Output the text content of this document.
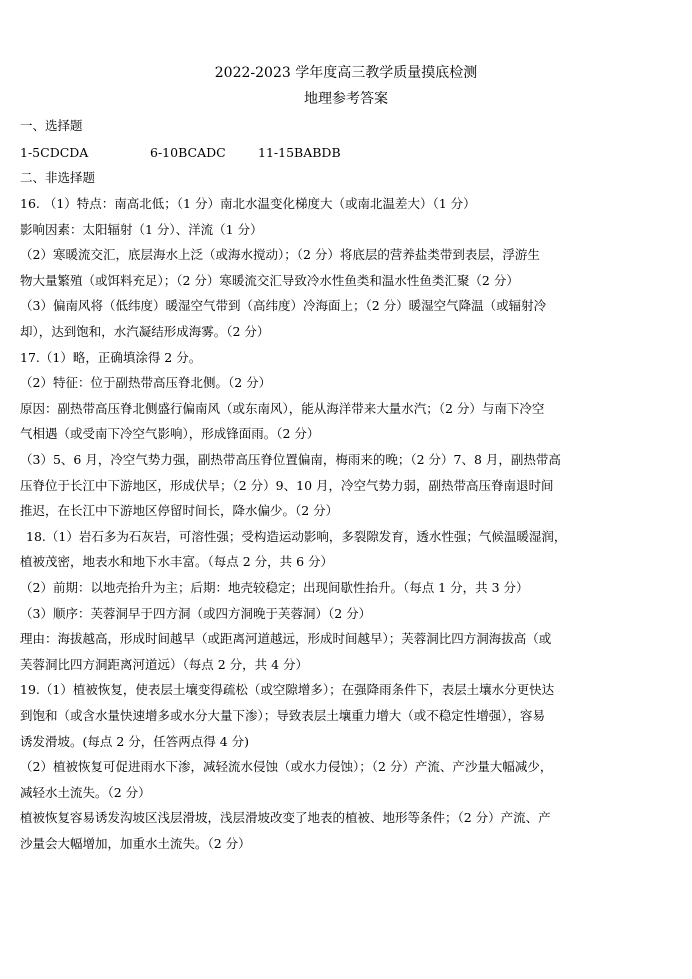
2022-2023 学年度高三教学质量摸底检测
地理参考答案
一、选择题
1-5CDCDA	6-10BCADC	11-15BABDB
二、非选择题
16. （1）特点：南高北低；（1 分）南北水温变化梯度大（或南北温差大）（1 分）
影响因素：太阳辐射（1 分）、洋流（1 分）
（2）寒暖流交汇，底层海水上泛（或海水搅动）；（2 分）将底层的营养盐类带到表层，浮游生
物大量繁殖（或饵料充足）；（2 分）寒暖流交汇导致冷水性鱼类和温水性鱼类汇聚（2 分）
（3）偏南风将（低纬度）暖湿空气带到（高纬度）冷海面上；（2 分）暖湿空气降温（或辐射冷
却），达到饱和，水汽凝结形成海雾。（2 分）
17.（1）略，正确填涂得 2 分。
（2）特征：位于副热带高压脊北侧。（2 分）
原因：副热带高压脊北侧盛行偏南风（或东南风），能从海洋带来大量水汽；（2 分）与南下冷空
气相遇（或受南下冷空气影响），形成锋面雨。（2 分）
（3）5、6 月，冷空气势力强，副热带高压脊位置偏南，梅雨来的晚；（2 分）7、8 月，副热带高
压脊位于长江中下游地区，形成伏旱；（2 分）9、10 月，冷空气势力弱，副热带高压脊南退时间
推迟，在长江中下游地区停留时间长，降水偏少。（2 分）
18.（1）岩石多为石灰岩，可溶性强；受构造运动影响，多裂隙发育，透水性强；气候温暖湿润，
植被茂密，地表水和地下水丰富。（每点 2 分，共 6 分）
（2）前期：以地壳抬升为主；后期：地壳较稳定；出现间歇性抬升。（每点 1 分，共 3 分）
（3）顺序：芙蓉洞早于四方洞（或四方洞晚于芙蓉洞）（2 分）
理由：海拔越高，形成时间越早（或距离河道越远，形成时间越早）；芙蓉洞比四方洞海拔高（或
芙蓉洞比四方洞距离河道远）（每点 2 分，共 4 分）
19.（1）植被恢复，使表层土壤变得疏松（或空隙增多）；在强降雨条件下，表层土壤水分更快达
到饱和（或含水量快速增多或水分大量下渗）；导致表层土壤重力增大（或不稳定性增强），容易
诱发滑坡。(每点 2 分，任答两点得 4 分)
（2）植被恢复可促进雨水下渗，减轻流水侵蚀（或水力侵蚀）；（2 分）产流、产沙量大幅减少，
减轻水土流失。（2 分）
植被恢复容易诱发沟坡区浅层滑坡，浅层滑坡改变了地表的植被、地形等条件；（2 分）产流、产
沙量会大幅增加，加重水土流失。（2 分）
